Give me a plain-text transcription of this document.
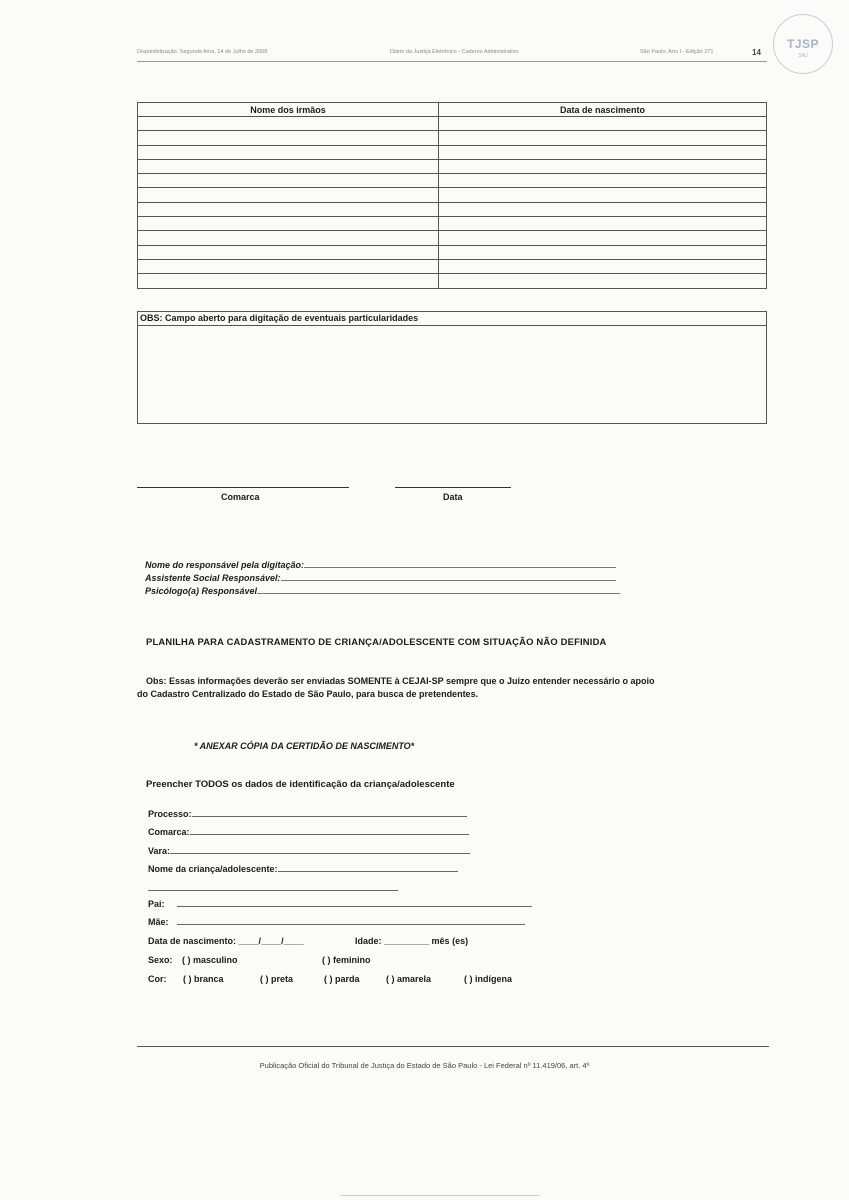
Disponibilização: Segunda-feira, 14 de Julho de 2008	Diário da Justiça Eletrônico - Caderno Administrativo	São Paulo, Ano I - Edição 271	14
TJSP
SAJ
Nome dos irmãos	Data de nascimento

OBS: Campo aberto para digitação de eventuais particularidades
Comarca	Data
Nome do responsável pela digitação:
Assistente Social Responsável:
Psicólogo(a) Responsável
PLANILHA PARA CADASTRAMENTO DE CRIANÇA/ADOLESCENTE COM SITUAÇÃO NÃO DEFINIDA
Obs: Essas informações deverão ser enviadas SOMENTE à CEJAI-SP sempre que o Juizo entender necessário o apoio
do Cadastro Centralizado do Estado de São Paulo, para busca de pretendentes.
* ANEXAR CÓPIA DA CERTIDÃO DE NASCIMENTO*
Preencher TODOS os dados de identificação da criança/adolescente
Processo:
Comarca:
Vara:
Nome da criança/adolescente:
Pai:
Mãe:
Data de nascimento: ____/____/____	Idade: _________ mês (es)
Sexo: ( ) masculino	( ) feminino
Cor: ( ) branca	( ) preta	( ) parda	( ) amarela	( ) indígena
Publicação Oficial do Tribunal de Justiça do Estado de São Paulo - Lei Federal nº 11.419/06, art. 4º
